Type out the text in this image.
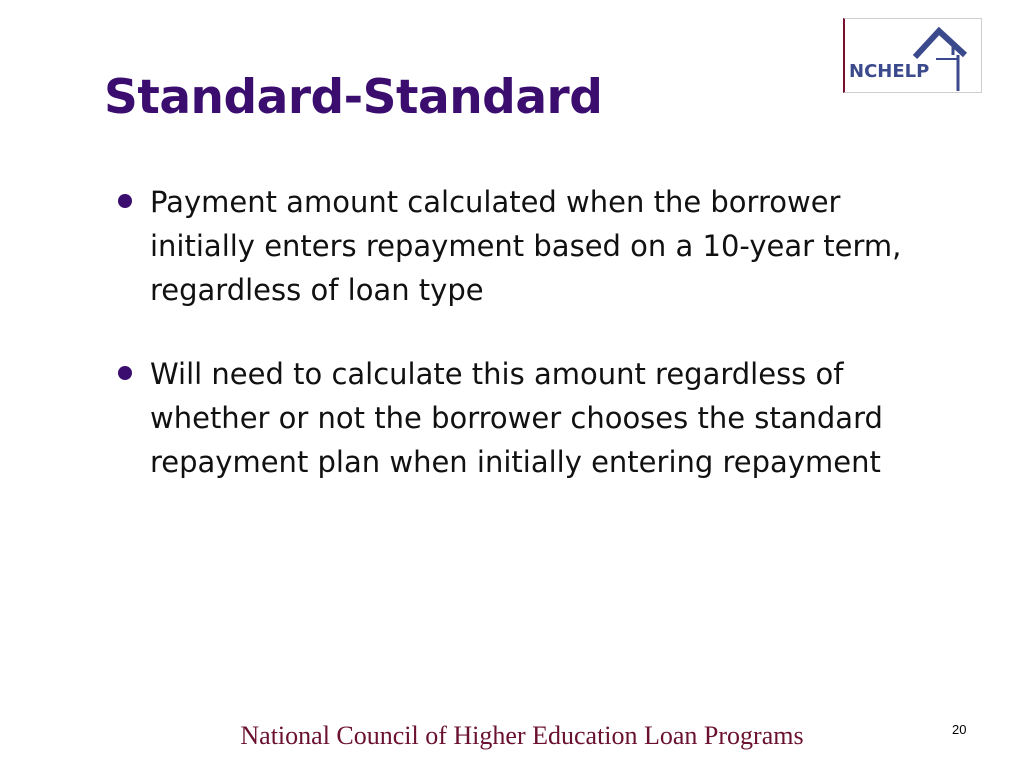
Standard-Standard	NCHELP
Payment amount calculated when the borrower initially enters repayment based on a 10-year term, regardless of loan type
Will need to calculate this amount regardless of whether or not the borrower chooses the standard repayment plan when initially entering repayment
National Council of Higher Education Loan Programs	20
